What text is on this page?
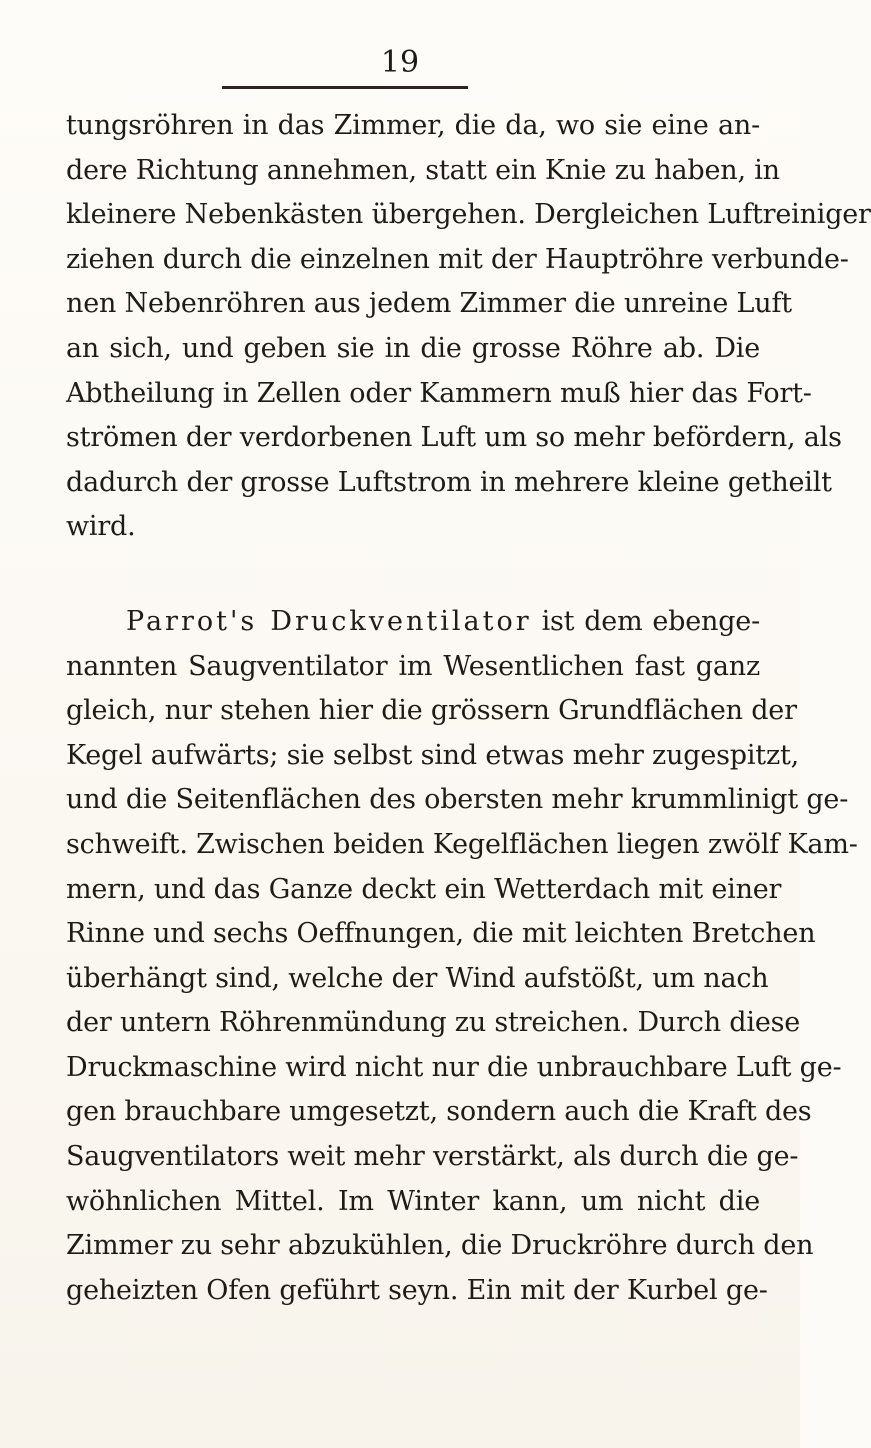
19
tungsröhren in das Zimmer, die da, wo sie eine an-
dere Richtung annehmen, statt ein Knie zu haben, in
kleinere Nebenkästen übergehen. Dergleichen Luftreiniger
ziehen durch die einzelnen mit der Hauptröhre verbunde-
nen Nebenröhren aus jedem Zimmer die unreine Luft
an sich, und geben sie in die grosse Röhre ab. Die
Abtheilung in Zellen oder Kammern muß hier das Fort-
strömen der verdorbenen Luft um so mehr befördern, als
dadurch der grosse Luftstrom in mehrere kleine getheilt
wird.
Parrot's Druckventilator ist dem ebenge-
nannten Saugventilator im Wesentlichen fast ganz
gleich, nur stehen hier die grössern Grundflächen der
Kegel aufwärts; sie selbst sind etwas mehr zugespitzt,
und die Seitenflächen des obersten mehr krummlinigt ge-
schweift. Zwischen beiden Kegelflächen liegen zwölf Kam-
mern, und das Ganze deckt ein Wetterdach mit einer
Rinne und sechs Oeffnungen, die mit leichten Bretchen
überhängt sind, welche der Wind aufstößt, um nach
der untern Röhrenmündung zu streichen. Durch diese
Druckmaschine wird nicht nur die unbrauchbare Luft ge-
gen brauchbare umgesetzt, sondern auch die Kraft des
Saugventilators weit mehr verstärkt, als durch die ge-
wöhnlichen Mittel. Im Winter kann, um nicht die
Zimmer zu sehr abzukühlen, die Druckröhre durch den
geheizten Ofen geführt seyn. Ein mit der Kurbel ge-
